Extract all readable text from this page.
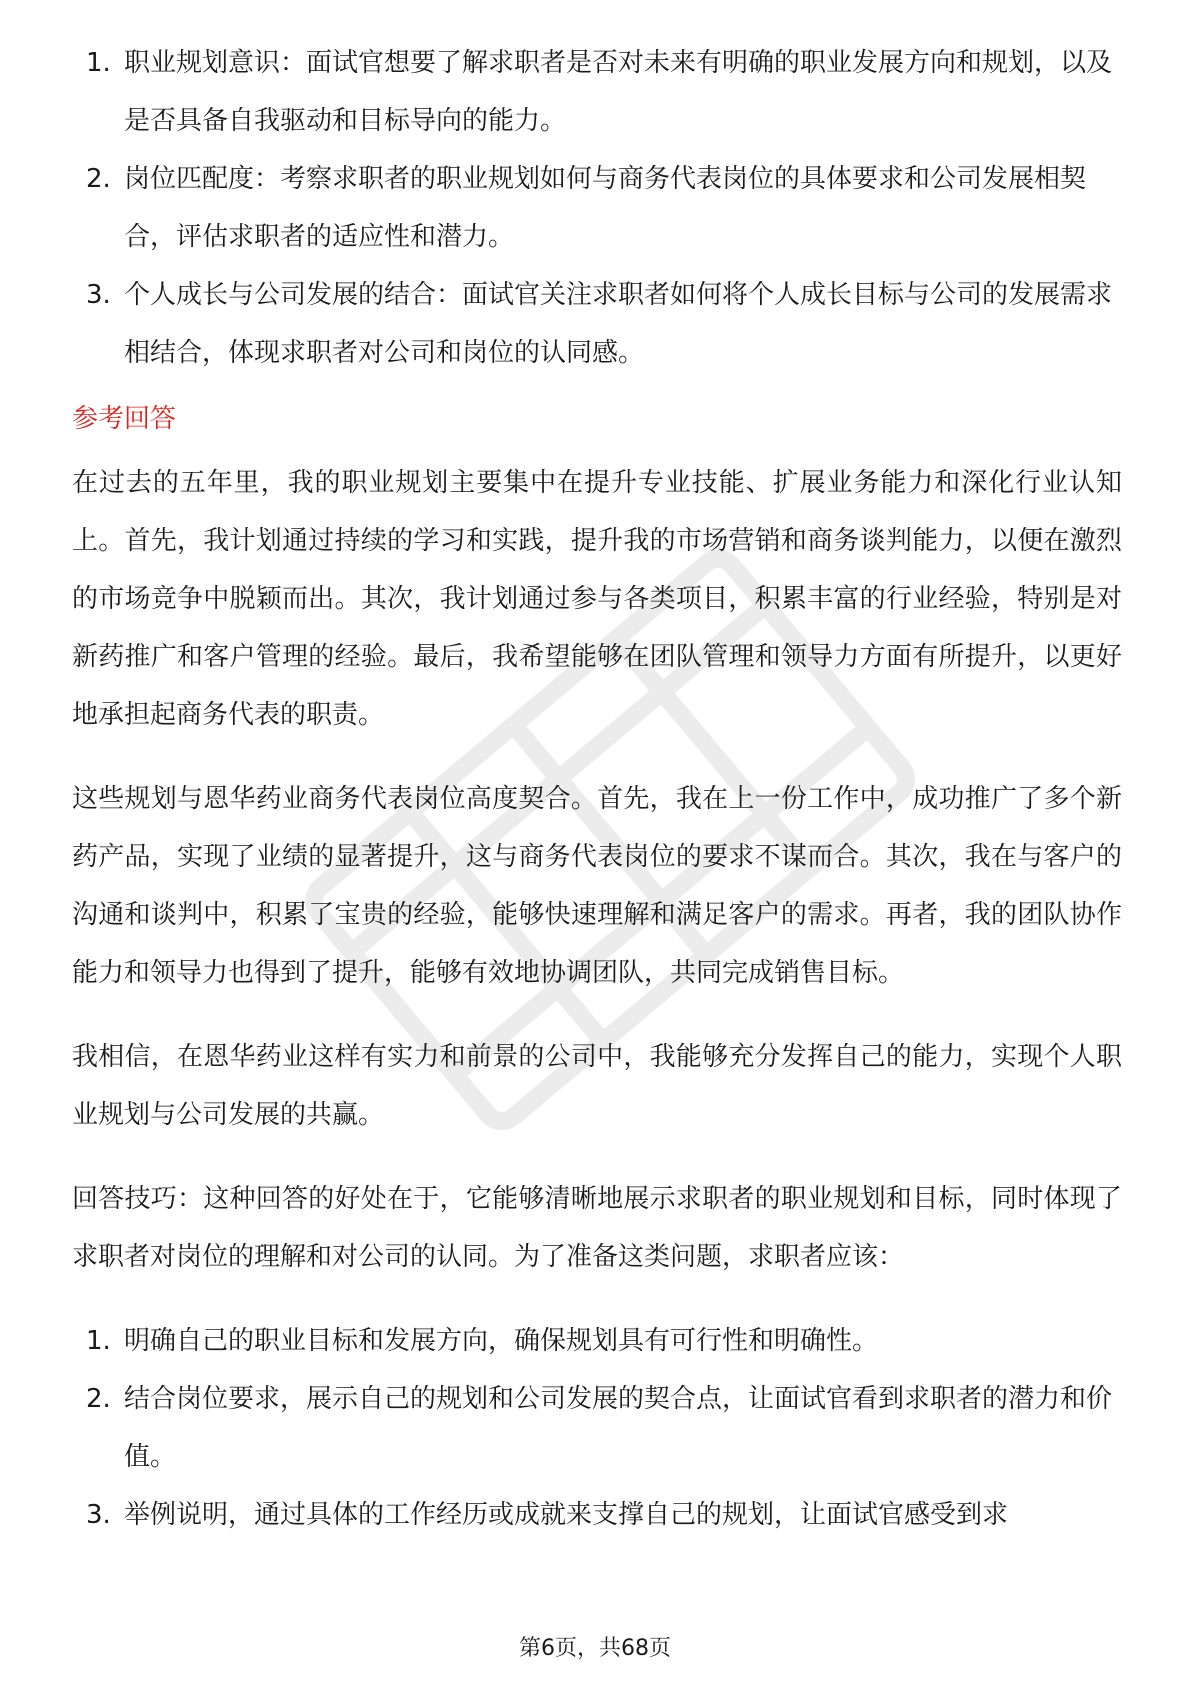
1. 职业规划意识：面试官想要了解求职者是否对未来有明确的职业发展方向和规划，以及是否具备自我驱动和目标导向的能力。
2. 岗位匹配度：考察求职者的职业规划如何与商务代表岗位的具体要求和公司发展相契合，评估求职者的适应性和潜力。
3. 个人成长与公司发展的结合：面试官关注求职者如何将个人成长目标与公司的发展需求相结合，体现求职者对公司和岗位的认同感。
参考回答

在过去的五年里，我的职业规划主要集中在提升专业技能、扩展业务能力和深化行业认知上。首先，我计划通过持续的学习和实践，提升我的市场营销和商务谈判能力，以便在激烈的市场竞争中脱颖而出。其次，我计划通过参与各类项目，积累丰富的行业经验，特别是对新药推广和客户管理的经验。最后，我希望能够在团队管理和领导力方面有所提升，以更好地承担起商务代表的职责。

这些规划与恩华药业商务代表岗位高度契合。首先，我在上一份工作中，成功推广了多个新药产品，实现了业绩的显著提升，这与商务代表岗位的要求不谋而合。其次，我在与客户的沟通和谈判中，积累了宝贵的经验，能够快速理解和满足客户的需求。再者，我的团队协作能力和领导力也得到了提升，能够有效地协调团队，共同完成销售目标。

我相信，在恩华药业这样有实力和前景的公司中，我能够充分发挥自己的能力，实现个人职业规划与公司发展的共赢。

回答技巧：这种回答的好处在于，它能够清晰地展示求职者的职业规划和目标，同时体现了求职者对岗位的理解和对公司的认同。为了准备这类问题，求职者应该：

1. 明确自己的职业目标和发展方向，确保规划具有可行性和明确性。
2. 结合岗位要求，展示自己的规划和公司发展的契合点，让面试官看到求职者的潜力和价值。
3. 举例说明，通过具体的工作经历或成就来支撑自己的规划，让面试官感受到求
第6页，共68页
